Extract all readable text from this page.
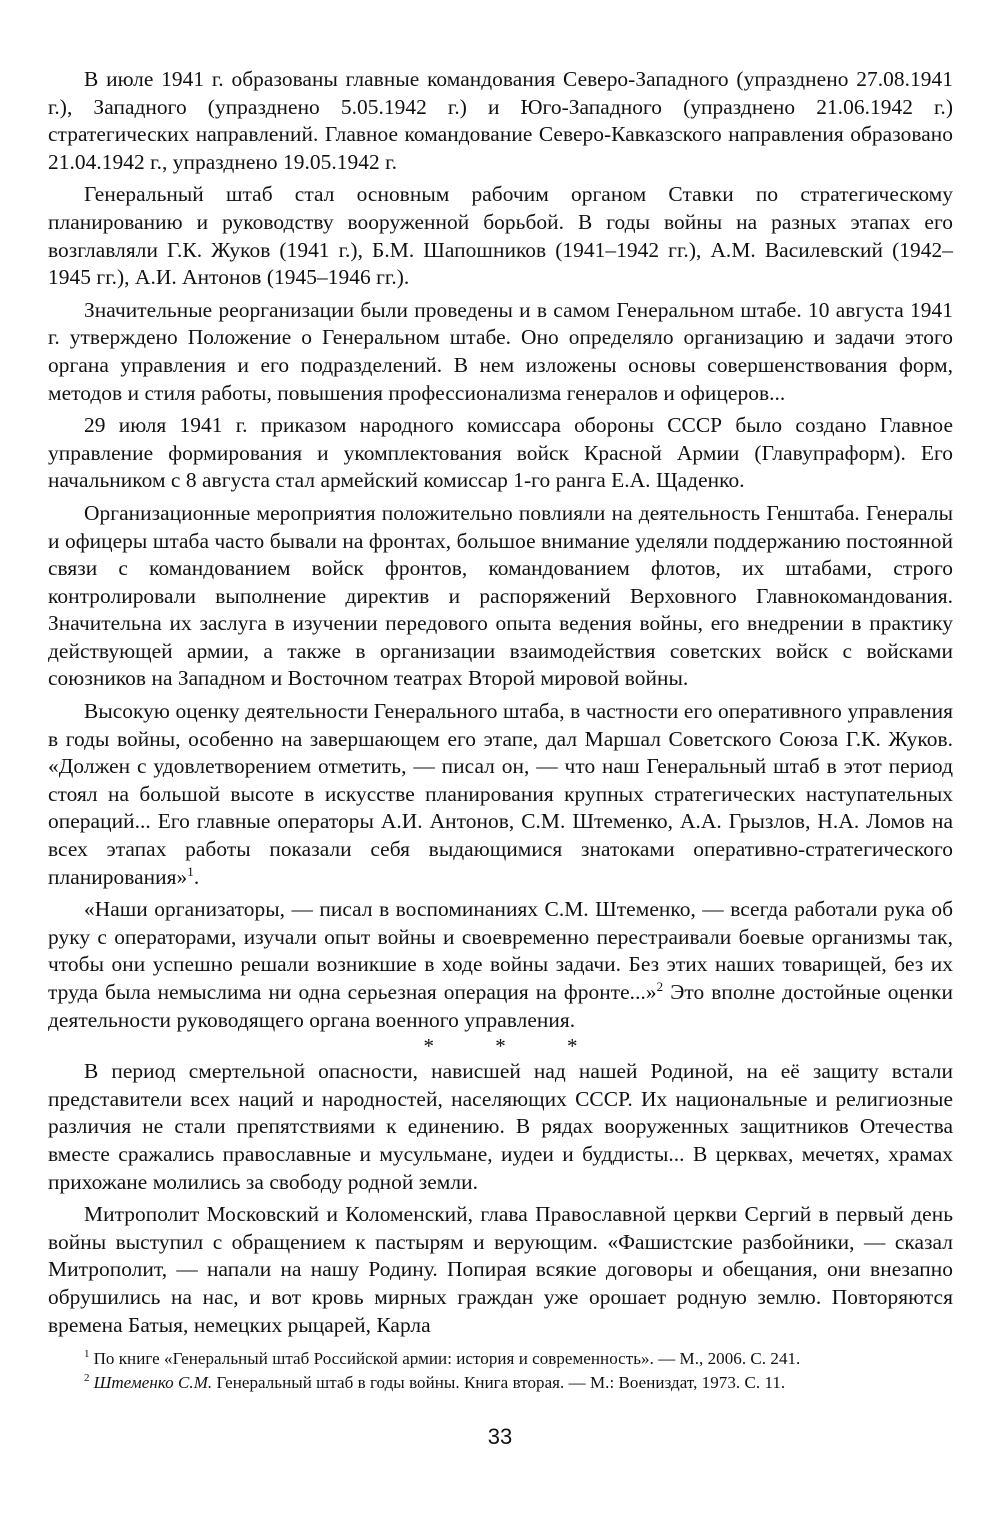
В июле 1941 г. образованы главные командования Северо-Западного (упразднено 27.08.1941 г.), Западного (упразднено 5.05.1942 г.) и Юго-Западного (упразднено 21.06.1942 г.) стратегических направлений. Главное командование Северо-Кавказского направления образовано 21.04.1942 г., упразднено 19.05.1942 г.

Генеральный штаб стал основным рабочим органом Ставки по стратегическому планированию и руководству вооруженной борьбой. В годы войны на разных этапах его возглавляли Г.К. Жуков (1941 г.), Б.М. Шапошников (1941–1942 гг.), А.М. Василевский (1942–1945 гг.), А.И. Антонов (1945–1946 гг.).

Значительные реорганизации были проведены и в самом Генеральном штабе. 10 августа 1941 г. утверждено Положение о Генеральном штабе. Оно определяло организацию и задачи этого органа управления и его подразделений. В нем изложены основы совершенствования форм, методов и стиля работы, повышения профессионализма генералов и офицеров...

29 июля 1941 г. приказом народного комиссара обороны СССР было создано Главное управление формирования и укомплектования войск Красной Армии (Главупраформ). Его начальником с 8 августа стал армейский комиссар 1-го ранга Е.А. Щаденко.

Организационные мероприятия положительно повлияли на деятельность Генштаба. Генералы и офицеры штаба часто бывали на фронтах, большое внимание уделяли поддержанию постоянной связи с командованием войск фронтов, командованием флотов, их штабами, строго контролировали выполнение директив и распоряжений Верховного Главнокомандования. Значительна их заслуга в изучении передового опыта ведения войны, его внедрении в практику действующей армии, а также в организации взаимодействия советских войск с войсками союзников на Западном и Восточном театрах Второй мировой войны.

Высокую оценку деятельности Генерального штаба, в частности его оперативного управления в годы войны, особенно на завершающем его этапе, дал Маршал Советского Союза Г.К. Жуков. «Должен с удовлетворением отметить, — писал он, — что наш Генеральный штаб в этот период стоял на большой высоте в искусстве планирования крупных стратегических наступательных операций... Его главные операторы А.И. Антонов, С.М. Штеменко, А.А. Грызлов, Н.А. Ломов на всех этапах работы показали себя выдающимися знатоками оперативно-стратегического планирования»$^1$.

«Наши организаторы, — писал в воспоминаниях С.М. Штеменко, — всегда работали рука об руку с операторами, изучали опыт войны и своевременно перестраивали боевые организмы так, чтобы они успешно решали возникшие в ходе войны задачи. Без этих наших товарищей, без их труда была немыслима ни одна серьезная операция на фронте...»$^2$ Это вполне достойные оценки деятельности руководящего органа военного управления.

* * *

В период смертельной опасности, нависшей над нашей Родиной, на её защиту встали представители всех наций и народностей, населяющих СССР. Их национальные и религиозные различия не стали препятствиями к единению. В рядах вооруженных защитников Отечества вместе сражались православные и мусульмане, иудеи и буддисты... В церквах, мечетях, храмах прихожане молились за свободу родной земли.

Митрополит Московский и Коломенский, глава Православной церкви Сергий в первый день войны выступил с обращением к пастырям и верующим. «Фашистские разбойники, — сказал Митрополит, — напали на нашу Родину. Попирая всякие договоры и обещания, они внезапно обрушились на нас, и вот кровь мирных граждан уже орошает родную землю. Повторяются времена Батыя, немецких рыцарей, Карла

$^1$ По книге «Генеральный штаб Российской армии: история и современность». — М., 2006. С. 241.

$^2$ Штеменко С.М. Генеральный штаб в годы войны. Книга вторая. — М.: Воениздат, 1973. С. 11.

33
